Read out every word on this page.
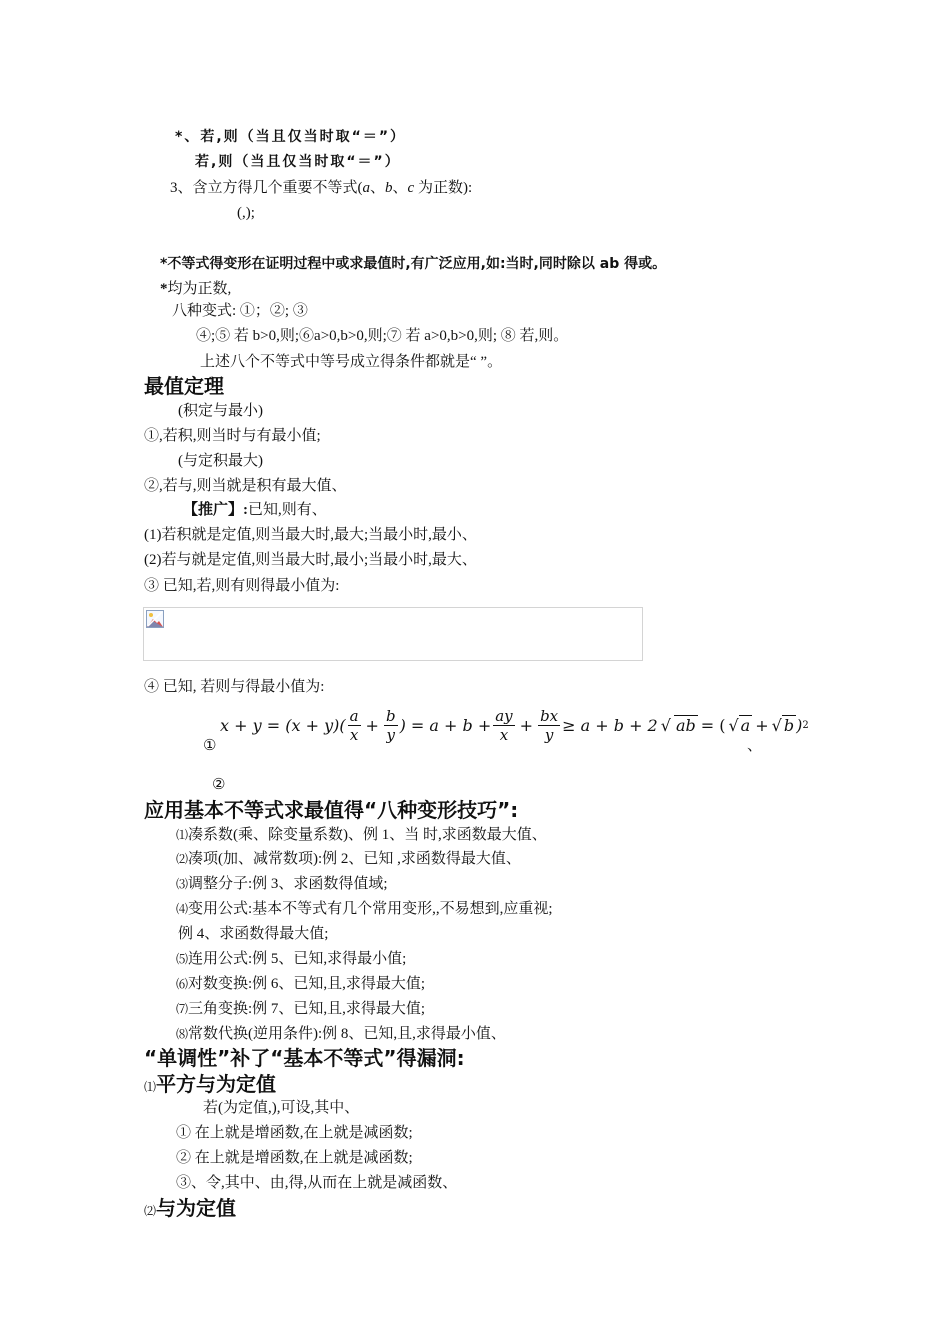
*、若,则（当且仅当时取“＝”）
若,则（当且仅当时取“＝”）
3、含立方得几个重要不等式(a、b、c 为正数):
(,);
*不等式得变形在证明过程中或求最值时,有广泛应用,如:当时,同时除以 ab 得或。
*均为正数,
八种变式: ①；②; ③
④;⑤ 若 b>0,则;⑥a>0,b>0,则;⑦ 若 a>0,b>0,则; ⑧ 若,则。
上述八个不等式中等号成立得条件都就是“ ”。
最值定理
(积定与最小)
①,若积,则当时与有最小值;
(与定积最大)
②,若与,则当就是积有最大值、
【推广】:已知,则有、
(1)若积就是定值,则当最大时,最大;当最小时,最小、
(2)若与就是定值,则当最大时,最小;当最小时,最大、
③ 已知,若,则有则得最小值为:
④ 已知, 若则与得最小值为:
$x + y = (x + y)( \frac{a}{x} + \frac{b}{y}$ ) = $a + b + \frac{ay}{x} + \frac{bx}{y} \ge a + b + 2$ √ ab = ( √ a + √ b ) 2
①	、
②
应用基本不等式求最值得“八种变形技巧”:
⑴凑系数(乘、除变量系数)、例 1、当 时,求函数最大值、
⑵凑项(加、减常数项):例 2、已知 ,求函数得最大值、
⑶调整分子:例 3、求函数得值域;
⑷变用公式:基本不等式有几个常用变形,,不易想到,应重视;
例 4、求函数得最大值;
⑸连用公式:例 5、已知,求得最小值;
⑹对数变换:例 6、已知,且,求得最大值;
⑺三角变换:例 7、已知,且,求得最大值;
⑻常数代换(逆用条件):例 8、已知,且,求得最小值、
“单调性”补了“基本不等式”得漏洞:
⑴平方与为定值
若(为定值,),可设,其中、
① 在上就是增函数,在上就是减函数;
② 在上就是增函数,在上就是减函数;
③、令,其中、由,得,从而在上就是减函数、
⑵与为定值
